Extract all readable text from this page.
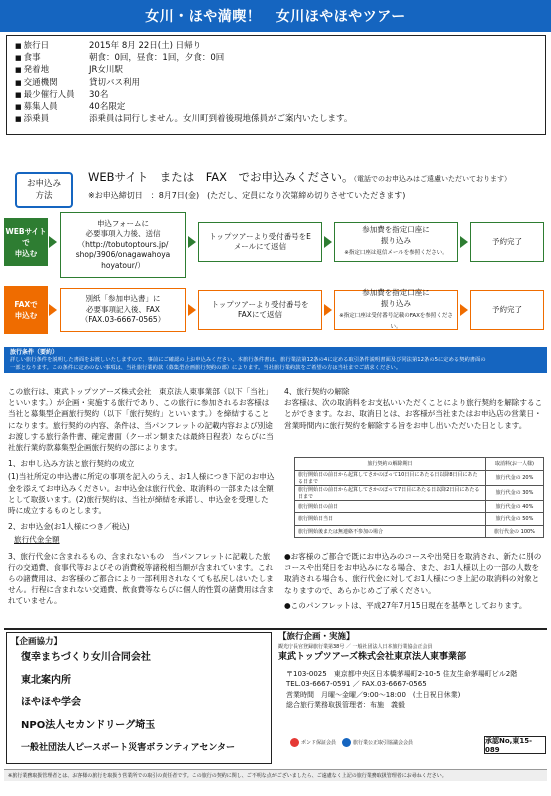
女川・ほや満喫！　女川ほやほやツアー
■ 旅行日	2015年 8月 22日(土) 日帰り
■ 食事	朝食：0回，昼食：1回，夕食：0回
■ 発着地	JR女川駅
■ 交通機関	貸切バス利用
■ 最少催行人員	30名
■ 募集人員	40名限定
■ 添乗員	添乗員は同行しません。女川町到着後現地係員がご案内いたします。
お申込み
方法
WEBサイト　または　FAX　でお申込みください。（電話でのお申込みはご遠慮いただいております）
※お申込締切日　：8月7日(金)　(ただし、定員になり次第締め切りさせていただきます)
WEBサイトで
申込む
申込フォームに
必要事項入力後、送信
（http://tobutoptours.jp/
shop/3906/onagawahoya
hoyatour/）
トップツアーより受付番号をE
メールにて返信
参加費を指定口座に
振り込み
※指定口座は返信メールを参照ください。
予約完了
FAXで
申込む
別紙「参加申込書」に
必要事項記入後、FAX
（FAX.03-6667-0565）
トップツアーより受付番号を
FAXにて返信
参加費を指定口座に
振り込み
※指定口座は受付番号記載のFAXを参照ください。
予約完了
旅行条件（要約）
詳しい旅行条件を説明した書面をお渡しいたしますので、事前にご確認の上お申込みください。本旅行条件書は、旅行業法第12条の4に定める取引条件説明書面及び同法第12条の5に定める契約書面の
一部となります。この条件に定めのない事項は、当社旅行業約款（募集型企画旅行契約の部）によります。当社旅行業約款をご希望の方は当社までご請求ください。

この旅行は、東武トップツアーズ株式会社　東京法人東事業部（以下「当社」といいます。）が企画・実施する旅行であり、この旅行に参加されるお客様は当社と募集型企画旅行契約（以下「旅行契約」といいます。）を締結することになります。旅行契約の内容、条件は、当パンフレットの記載内容および別途お渡しする旅行条件書、確定書面（クーポン類または最終日程表）ならびに当社旅行業約款募集型企画旅行契約の部によります。

1、お申し込み方法と旅行契約の成立

(1)当社所定の申込書に所定の事項を記入のうえ、お1人様につき下記のお申込金を添えてお申込みください。お申込金は旅行代金、取消料の一部または全額として取扱います。(2)旅行契約は、当社が締結を承諾し、申込金を受理した時に成立するものとします。

2、お申込金(お1人様につき／税込)

旅行代金全額

3、旅行代金に含まれるもの、含まれないもの　当パンフレットに記載した旅行の交通費、食事代等およびその消費税等諸税相当額が含まれています。これらの諸費用は、お客様のご都合により一部利用されなくても払戻しはいたしません。行程に含まれない交通費、飲食費等ならびに個人的性質の諸費用は含まれていません。

4、旅行契約の解除

お客様は、次の取消料をお支払いいただくことにより旅行契約を解除することができます。なお、取消日とは、お客様が当社またはお申込店の営業日・営業時間内に旅行契約を解除する旨をお申し出いただいた日とします。

旅行契約の解除期日	取消料(お一人様)
旅行開始日の前日から起算してさかのぼって10日目にあたる日以降8日目にあたる日まで	旅行代金の 20%
旅行開始日の前日から起算してさかのぼって7日目にあたる日以降2日目にあたる日まで	旅行代金の 30%
旅行開始日の前日	旅行代金の 40%
旅行開始日当日	旅行代金の 50%
旅行開始後または無連絡不参加の場合	旅行代金の 100%

●お客様のご都合で既にお申込みのコースや出発日を取消され、新たに別のコースや出発日をお申込みになる場合、また、お1人様以上の一部の人数を取消される場合も、旅行代金に対してお1人様につき上記の取消料の対象となりますので、あらかじめご了承ください。

●このパンフレットは、平成27年7月15日現在を基準としております。

【企画協力】
復幸まちづくり女川合同会社
東北案内所
ほやほや学会
NPO法人セカンドリーグ埼玉
一般社団法人ピースボート災害ボランティアセンター
【旅行企画・実施】
観光庁長官登録旅行業第38号 ／ 一般社団法人日本旅行業協会正会員
東武トップツアーズ株式会社東京法人東事業部
〒103-0025　東京都中央区日本橋茅場町2-10-5 住友生命茅場町ビル2階
TEL.03-6667-0591 ／ FAX.03-6667-0565
営業時間　月曜～金曜／9:00～18:00　(土日祝日休業)
総合旅行業務取扱管理者：布施　義毅
ボンド保証会員	旅行業公正取引協議会会員	承認No,東15-089
※旅行業務取扱管理者とは、お客様の旅行を取扱う営業所での取引の責任者です。この旅行の契約に関し、ご不明な点がございましたら、ご遠慮なく上記の旅行業務取扱管理者にお尋ねください。
